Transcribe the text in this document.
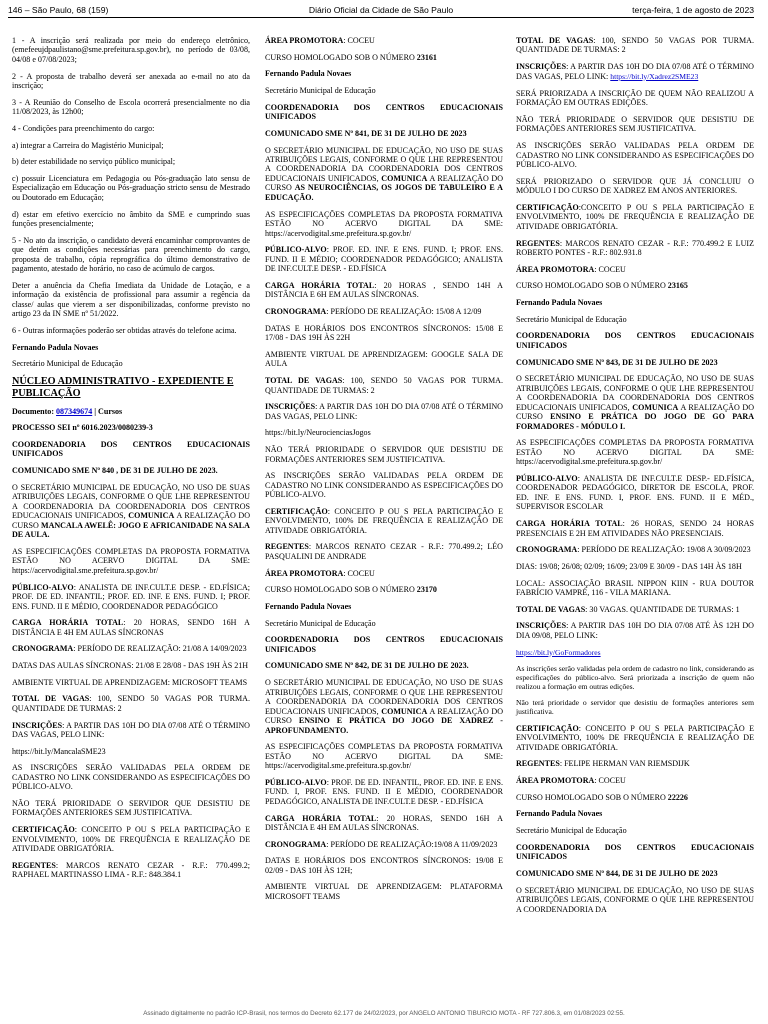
146 – São Paulo, 68 (159)	Diário Oficial da Cidade de São Paulo	terça-feira, 1 de agosto de 2023

1 - A inscrição será realizada por meio do endereço eletrônico, (emefeeujdpaulistano@sme.prefeitura.sp.gov.br), no período de 03/08, 04/08 e 07/08/2023;

2 - A proposta de trabalho deverá ser anexada ao e-mail no ato da inscrição;

3 - A Reunião do Conselho de Escola ocorrerá presencialmente no dia 11/08/2023, às 12h00;

4 - Condições para preenchimento do cargo:

a) integrar a Carreira do Magistério Municipal;

b) deter estabilidade no serviço público municipal;

c) possuir Licenciatura em Pedagogia ou Pós-graduação lato sensu de Especialização em Educação ou Pós-graduação stricto sensu de Mestrado ou Doutorado em Educação;

d) estar em efetivo exercício no âmbito da SME e cumprindo suas funções presencialmente;

5 - No ato da inscrição, o candidato deverá encaminhar comprovantes de que detém as condições necessárias para preenchimento do cargo, proposta de trabalho, cópia reprográfica do último demonstrativo de pagamento, atestado de horário, no caso de acúmulo de cargos.

Deter a anuência da Chefia Imediata da Unidade de Lotação, e a informação da existência de profissional para assumir a regência da classe/ aulas que vierem a ser disponibilizadas, conforme previsto no artigo 23 da IN SME nº 51/2022.

6 - Outras informações poderão ser obtidas através do telefone acima.

Fernando Padula Novaes

Secretário Municipal de Educação

NÚCLEO ADMINISTRATIVO - EXPEDIENTE E PUBLICAÇÃO

Documento: 087349674 | Cursos

PROCESSO SEI nº 6016.2023/0080239-3

COORDENADORIA DOS CENTROS EDUCACIONAIS UNIFICADOS

COMUNICADO SME Nº 840 , DE 31 DE JULHO DE 2023.

O SECRETÁRIO MUNICIPAL DE EDUCAÇÃO, NO USO DE SUAS ATRIBUIÇÕES LEGAIS, CONFORME O QUE LHE REPRESENTOU A COORDENADORIA DA COORDENADORIA DOS CENTROS EDUCACIONAIS UNIFICADOS, COMUNICA A REALIZAÇÃO DO CURSO MANCALA AWELÊ: JOGO E AFRICANIDADE NA SALA DE AULA.

AS ESPECIFICAÇÕES COMPLETAS DA PROPOSTA FORMATIVA ESTÃO NO ACERVO DIGITAL DA SME: https://acervodigital.sme.prefeitura.sp.gov.br/

PÚBLICO-ALVO: ANALISTA DE INF.CULT.E DESP. - ED.FÍSICA; PROF. DE ED. INFANTIL; PROF. ED. INF. E ENS. FUND. I; PROF. ENS. FUND. II E MÉDIO, COORDENADOR PEDAGÓGICO

CARGA HORÁRIA TOTAL: 20 HORAS, SENDO 16H A DISTÂNCIA E 4H EM AULAS SÍNCRONAS

CRONOGRAMA: PERÍODO DE REALIZAÇÃO: 21/08 A 14/09/2023

DATAS DAS AULAS SÍNCRONAS: 21/08 E 28/08 - DAS 19H ÀS 21H

AMBIENTE VIRTUAL DE APRENDIZAGEM: MICROSOFT TEAMS

TOTAL DE VAGAS: 100, SENDO 50 VAGAS POR TURMA. QUANTIDADE DE TURMAS: 2

INSCRIÇÕES: A PARTIR DAS 10H DO DIA 07/08 ATÉ O TÉRMINO DAS VAGAS, PELO LINK:

https://bit.ly/MancalaSME23

AS INSCRIÇÕES SERÃO VALIDADAS PELA ORDEM DE CADASTRO NO LINK CONSIDERANDO AS ESPECIFICAÇÕES DO PÚBLICO-ALVO.

NÃO TERÁ PRIORIDADE O SERVIDOR QUE DESISTIU DE FORMAÇÕES ANTERIORES SEM JUSTIFICATIVA.

CERTIFICAÇÃO: CONCEITO P OU S PELA PARTICIPAÇÃO E ENVOLVIMENTO, 100% DE FREQUÊNCIA E REALIZAÇÃO DE ATIVIDADE OBRIGATÓRIA.

REGENTES: MARCOS RENATO CEZAR - R.F.: 770.499.2; RAPHAEL MARTINASSO LIMA - R.F.: 848.384.1

ÁREA PROMOTORA: COCEU

CURSO HOMOLOGADO SOB O NÚMERO 23161

Fernando Padula Novaes

Secretário Municipal de Educação

COORDENADORIA DOS CENTROS EDUCACIONAIS UNIFICADOS

COMUNICADO SME Nº 841, DE 31 DE JULHO DE 2023

O SECRETÁRIO MUNICIPAL DE EDUCAÇÃO, NO USO DE SUAS ATRIBUIÇÕES LEGAIS, CONFORME O QUE LHE REPRESENTOU A COORDENADORIA DA COORDENADORIA DOS CENTROS EDUCACIONAIS UNIFICADOS, COMUNICA A REALIZAÇÃO DO CURSO AS NEUROCIÊNCIAS, OS JOGOS DE TABULEIRO E A EDUCAÇÃO.

AS ESPECIFICAÇÕES COMPLETAS DA PROPOSTA FORMATIVA ESTÃO NO ACERVO DIGITAL DA SME: https://acervodigital.sme.prefeitura.sp.gov.br/

PÚBLICO-ALVO: PROF. ED. INF. E ENS. FUND. I; PROF. ENS. FUND. II E MÉDIO; COORDENADOR PEDAGÓGICO; ANALISTA DE INF.CULT.E DESP. - ED.FÍSICA

CARGA HORÁRIA TOTAL: 20 HORAS , SENDO 14H A DISTÂNCIA E 6H EM AULAS SÍNCRONAS.

CRONOGRAMA: PERÍODO DE REALIZAÇÃO: 15/08 A 12/09

DATAS E HORÁRIOS DOS ENCONTROS SÍNCRONOS: 15/08 E 17/08 - DAS 19H ÀS 22H

AMBIENTE VIRTUAL DE APRENDIZAGEM: GOOGLE SALA DE AULA

TOTAL DE VAGAS: 100, SENDO 50 VAGAS POR TURMA. QUANTIDADE DE TURMAS: 2

INSCRIÇÕES: A PARTIR DAS 10H DO DIA 07/08 ATÉ O TÉRMINO DAS VAGAS, PELO LINK:

https://bit.ly/NeurocienciasJogos

NÃO TERÁ PRIORIDADE O SERVIDOR QUE DESISTIU DE FORMAÇÕES ANTERIORES SEM JUSTIFICATIVA.

AS INSCRIÇÕES SERÃO VALIDADAS PELA ORDEM DE CADASTRO NO LINK CONSIDERANDO AS ESPECIFICAÇÕES DO PÚBLICO-ALVO.

CERTIFICAÇÃO: CONCEITO P OU S PELA PARTICIPAÇÃO E ENVOLVIMENTO, 100% DE FREQUÊNCIA E REALIZAÇÃO DE ATIVIDADE OBRIGATÓRIA.

REGENTES: MARCOS RENATO CEZAR - R.F.: 770.499.2; LÉO PASQUALINI DE ANDRADE

ÁREA PROMOTORA: COCEU

CURSO HOMOLOGADO SOB O NÚMERO 23170

Fernando Padula Novaes

Secretário Municipal de Educação

COORDENADORIA DOS CENTROS EDUCACIONAIS UNIFICADOS

COMUNICADO SME Nº 842, DE 31 DE JULHO DE 2023.

O SECRETÁRIO MUNICIPAL DE EDUCAÇÃO, NO USO DE SUAS ATRIBUIÇÕES LEGAIS, CONFORME O QUE LHE REPRESENTOU A COORDENADORIA DA COORDENADORIA DOS CENTROS EDUCACIONAIS UNIFICADOS, COMUNICA A REALIZAÇÃO DO CURSO ENSINO E PRÁTICA DO JOGO DE XADREZ - APROFUNDAMENTO.

AS ESPECIFICAÇÕES COMPLETAS DA PROPOSTA FORMATIVA ESTÃO NO ACERVO DIGITAL DA SME: https://acervodigital.sme.prefeitura.sp.gov.br/

PÚBLICO-ALVO: PROF. DE ED. INFANTIL, PROF. ED. INF. E ENS. FUND. I, PROF. ENS. FUND. II E MÉDIO, COORDENADOR PEDAGÓGICO, ANALISTA DE INF.CULT.E DESP. - ED.FÍSICA

CARGA HORÁRIA TOTAL: 20 HORAS, SENDO 16H A DISTÂNCIA E 4H EM AULAS SÍNCRONAS.

CRONOGRAMA: PERÍODO DE REALIZAÇÃO:19/08 A 11/09/2023

DATAS E HORÁRIOS DOS ENCONTROS SÍNCRONOS: 19/08 E 02/09 - DAS 10H ÀS 12H;

AMBIENTE VIRTUAL DE APRENDIZAGEM: PLATAFORMA MICROSOFT TEAMS

TOTAL DE VAGAS: 100, SENDO 50 VAGAS POR TURMA. QUANTIDADE DE TURMAS: 2

INSCRIÇÕES: A PARTIR DAS 10H DO DIA 07/08 ATÉ O TÉRMINO DAS VAGAS, PELO LINK: https://bit.ly/Xadrez2SME23

SERÁ PRIORIZADA A INSCRIÇÃO DE QUEM NÃO REALIZOU A FORMAÇÃO EM OUTRAS EDIÇÕES.

NÃO TERÁ PRIORIDADE O SERVIDOR QUE DESISTIU DE FORMAÇÕES ANTERIORES SEM JUSTIFICATIVA.

AS INSCRIÇÕES SERÃO VALIDADAS PELA ORDEM DE CADASTRO NO LINK CONSIDERANDO AS ESPECIFICAÇÕES DO PÚBLICO-ALVO.

SERÁ PRIORIZADO O SERVIDOR QUE JÁ CONCLUIU O MÓDULO I DO CURSO DE XADREZ EM ANOS ANTERIORES.

CERTIFICAÇÃO:CONCEITO P OU S PELA PARTICIPAÇÃO E ENVOLVIMENTO, 100% DE FREQUÊNCIA E REALIZAÇÃO DE ATIVIDADE OBRIGATÓRIA.

REGENTES: MARCOS RENATO CEZAR - R.F.: 770.499.2 E LUIZ ROBERTO PONTES - R.F.: 802.931.8

ÁREA PROMOTORA: COCEU

CURSO HOMOLOGADO SOB O NÚMERO 23165

Fernando Padula Novaes

Secretário Municipal de Educação

COORDENADORIA DOS CENTROS EDUCACIONAIS UNIFICADOS

COMUNICADO SME Nº 843, DE 31 DE JULHO DE 2023

O SECRETÁRIO MUNICIPAL DE EDUCAÇÃO, NO USO DE SUAS ATRIBUIÇÕES LEGAIS, CONFORME O QUE LHE REPRESENTOU A COORDENADORIA DA COORDENADORIA DOS CENTROS EDUCACIONAIS UNIFICADOS, COMUNICA A REALIZAÇÃO DO CURSO ENSINO E PRÁTICA DO JOGO DE GO PARA FORMADORES - MÓDULO I.

AS ESPECIFICAÇÕES COMPLETAS DA PROPOSTA FORMATIVA ESTÃO NO ACERVO DIGITAL DA SME: https://acervodigital.sme.prefeitura.sp.gov.br/

PÚBLICO-ALVO: ANALISTA DE INF.CULT.E DESP.- ED.FÍSICA, COORDENADOR PEDAGÓGICO, DIRETOR DE ESCOLA, PROF. ED. INF. E ENS. FUND. I, PROF. ENS. FUND. II E MÉD., SUPERVISOR ESCOLAR

CARGA HORÁRIA TOTAL: 26 HORAS, SENDO 24 HORAS PRESENCIAIS E 2H EM ATIVIDADES NÃO PRESENCIAIS.

CRONOGRAMA: PERÍODO DE REALIZAÇÃO: 19/08 A 30/09/2023

DIAS: 19/08; 26/08; 02/09; 16/09; 23/09 E 30/09 - DAS 14H ÀS 18H

LOCAL: ASSOCIAÇÃO BRASIL NIPPON KIIN - RUA DOUTOR FABRÍCIO VAMPRÉ, 116 - VILA MARIANA.

TOTAL DE VAGAS: 30 VAGAS. QUANTIDADE DE TURMAS: 1

INSCRIÇÕES: A PARTIR DAS 10H DO DIA 07/08 ATÉ ÀS 12H DO DIA 09/08, PELO LINK:

https://bit.ly/GoFormadores

As inscrições serão validadas pela ordem de cadastro no link, considerando as especificações do público-alvo. Será priorizada a inscrição de quem não realizou a formação em outras edições.

Não terá prioridade o servidor que desistiu de formações anteriores sem justificativa.

CERTIFICAÇÃO: CONCEITO P OU S PELA PARTICIPAÇÃO E ENVOLVIMENTO, 100% DE FREQUÊNCIA E REALIZAÇÃO DE ATIVIDADE OBRIGATÓRIA.

REGENTES: FELIPE HERMAN VAN RIEMSDIJK

ÁREA PROMOTORA: COCEU

CURSO HOMOLOGADO SOB O NÚMERO 22226

Fernando Padula Novaes

Secretário Municipal de Educação

COORDENADORIA DOS CENTROS EDUCACIONAIS UNIFICADOS

COMUNICADO SME Nº 844, DE 31 DE JULHO DE 2023

O SECRETÁRIO MUNICIPAL DE EDUCAÇÃO, NO USO DE SUAS ATRIBUIÇÕES LEGAIS, CONFORME O QUE LHE REPRESENTOU A COORDENADORIA DA

Assinado digitalmente no padrão ICP-Brasil, nos termos do Decreto 62.177 de 24/02/2023, por ANGELO ANTONIO TIBURCIO MOTA - RF 727.806.3, em 01/08/2023 02:55.
